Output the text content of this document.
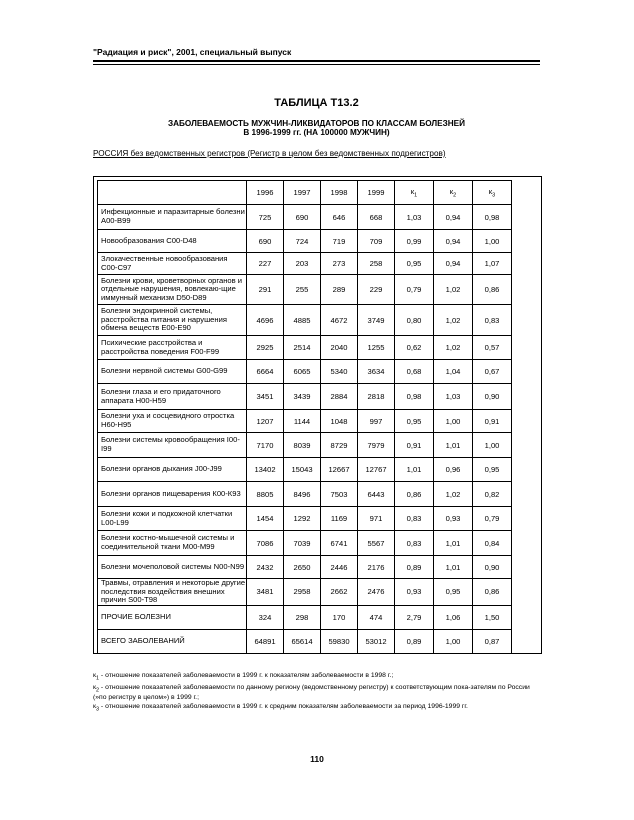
"Радиация и риск", 2001, специальный выпуск
ТАБЛИЦА Т13.2
ЗАБОЛЕВАЕМОСТЬ МУЖЧИН-ЛИКВИДАТОРОВ ПО КЛАССАМ БОЛЕЗНЕЙ
В 1996-1999 гг. (НА 100000 МУЖЧИН)
РОССИЯ без ведомственных регистров (Регистр в целом без ведомственных подрегистров)
	1996	1997	1998	1999	$к_1$	$к_2$	$к_3$
Инфекционные и паразитарные болезни А00-В99	725	690	646	668	1,03	0,94	0,98
Новообразования С00-D48	690	724	719	709	0,99	0,94	1,00
Злокачественные новообразования С00-С97	227	203	273	258	0,95	0,94	1,07
Болезни крови, кроветворных органов и отдельные нарушения, вовлекаю-щие иммунный механизм D50-D89	291	255	289	229	0,79	1,02	0,86
Болезни эндокринной системы, расстройства питания и нарушения обмена веществ Е00-Е90	4696	4885	4672	3749	0,80	1,02	0,83
Психические расстройства и расстройства поведения F00-F99	2925	2514	2040	1255	0,62	1,02	0,57
Болезни нервной системы G00-G99	6664	6065	5340	3634	0,68	1,04	0,67
Болезни глаза и его придаточного аппарата Н00-Н59	3451	3439	2884	2818	0,98	1,03	0,90
Болезни уха и сосцевидного отростка Н60-Н95	1207	1144	1048	997	0,95	1,00	0,91
Болезни системы кровообращения I00-I99	7170	8039	8729	7979	0,91	1,01	1,00
Болезни органов дыхания J00-J99	13402	15043	12667	12767	1,01	0,96	0,95
Болезни органов пищеварения К00-К93	8805	8496	7503	6443	0,86	1,02	0,82
Болезни кожи и подкожной клетчатки L00-L99	1454	1292	1169	971	0,83	0,93	0,79
Болезни костно-мышечной системы и соединительной ткани М00-М99	7086	7039	6741	5567	0,83	1,01	0,84
Болезни мочеполовой системы N00-N99	2432	2650	2446	2176	0,89	1,01	0,90
Травмы, отравления и некоторые другие последствия воздействия внешних причин S00-T98	3481	2958	2662	2476	0,93	0,95	0,86
ПРОЧИЕ БОЛЕЗНИ	324	298	170	474	2,79	1,06	1,50
ВСЕГО ЗАБОЛЕВАНИЙ	64891	65614	59830	53012	0,89	1,00	0,87
$к_1$ - отношение показателей заболеваемости в 1999 г. к показателям заболеваемости в 1998 г.;
$к_2$ - отношение показателей заболеваемости по данному региону (ведомственному регистру) к соответствующим пока-зателям по России (»по регистру в целом») в 1999 г.;
$к_3$ - отношение показателей заболеваемости в 1999 г. к средним показателям заболеваемости за период 1996-1999 гг.
110
